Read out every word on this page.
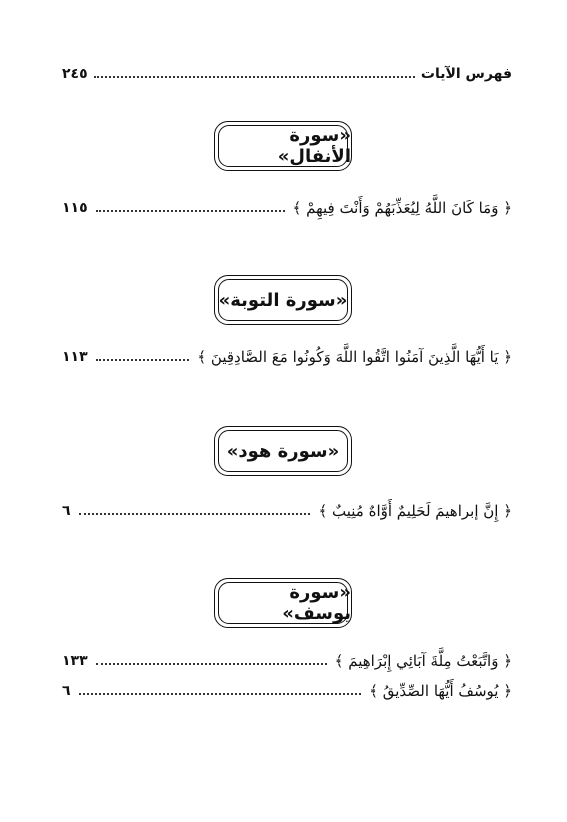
فهرس الآيات
٢٤٥
«سورة الأنفال»
﴿ وَمَا كَانَ اللَّهُ لِيُعَذِّبَهُمْ وَأَنْتَ فِيهِمْ ﴾
١١٥
«سورة التوبة»
﴿ يَا أَيُّهَا الَّذِينَ آمَنُوا اتَّقُوا اللَّهَ وَكُونُوا مَعَ الصَّادِقِينَ ﴾
١١٣
«سورة هود»
﴿ إِنَّ إبراهيمَ لَحَلِيمٌ أَوَّاهٌ مُنِيبٌ ﴾
٦
«سورة يوسف»
﴿ وَاتَّبَعْتُ مِلَّةَ آبَائِي إِبْرَاهِيمَ ﴾
١٣٣
﴿ يُوسُفُ أَيُّهَا الصِّدِّيقُ ﴾
٦
